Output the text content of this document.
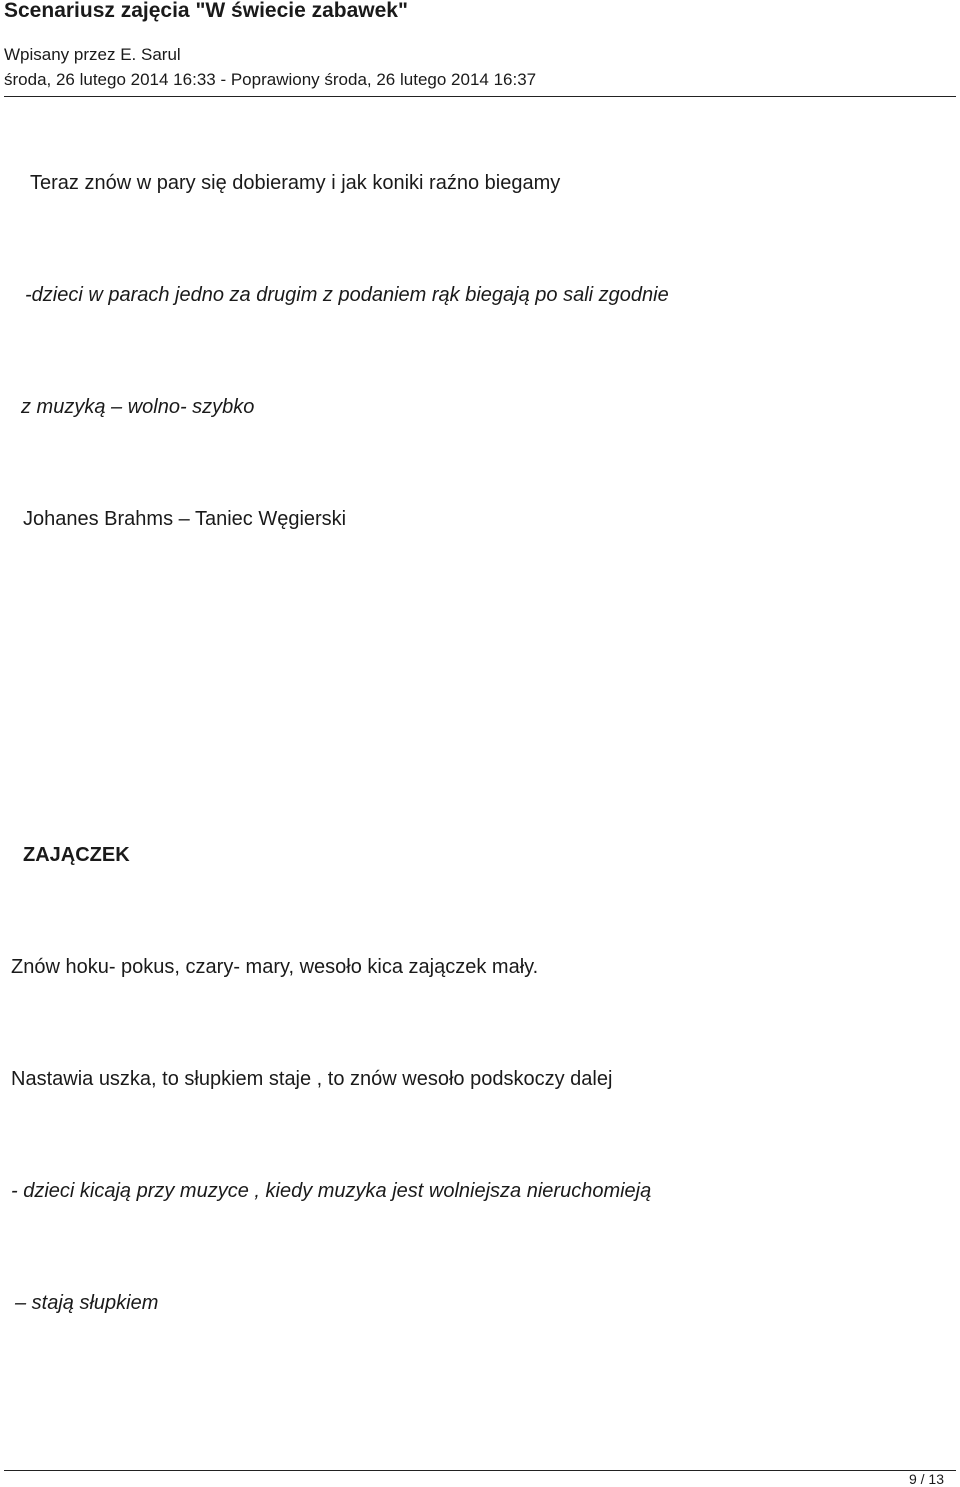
Scenariusz zajęcia "W świecie zabawek"
Wpisany przez E. Sarul
środa, 26 lutego 2014 16:33 - Poprawiony środa, 26 lutego 2014 16:37
Teraz znów w pary się dobieramy i jak koniki raźno biegamy
-dzieci w parach jedno za drugim z podaniem rąk biegają po sali zgodnie
z muzyką – wolno- szybko
Johanes Brahms – Taniec Węgierski
ZAJĄCZEK
Znów hoku- pokus, czary- mary, wesoło kica zajączek mały.
Nastawia uszka, to słupkiem staje , to znów wesoło podskoczy dalej
- dzieci kicają przy muzyce , kiedy muzyka jest wolniejsza nieruchomieją
– stają słupkiem
9 / 13
